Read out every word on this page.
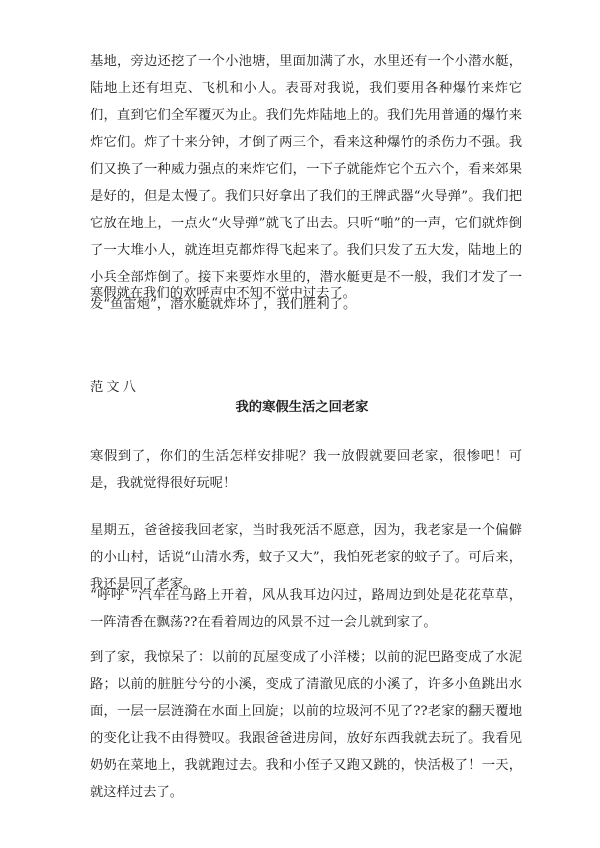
基地，旁边还挖了一个小池塘，里面加满了水，水里还有一个小潜水艇，陆地上还有坦克、飞机和小人。表哥对我说，我们要用各种爆竹来炸它们，直到它们全军覆灭为止。我们先炸陆地上的。我们先用普通的爆竹来炸它们。炸了十来分钟，才倒了两三个，看来这种爆竹的杀伤力不强。我们又换了一种威力强点的来炸它们，一下子就能炸它个五六个，看来郊果是好的，但是太慢了。我们只好拿出了我们的王牌武器“火导弹”。我们把它放在地上，一点火“火导弹”就飞了出去。只听“啪”的一声，它们就炸倒了一大堆小人，就连坦克都炸得飞起来了。我们只发了五大发，陆地上的小兵全部炸倒了。接下来要炸水里的，潜水艇更是不一般，我们才发了一发“鱼雷炮”，潜水艇就炸坏了，我们胜利了。

寒假就在我们的欢呼声中不知不觉中过去了。

范文八

我的寒假生活之回老家

寒假到了，你们的生活怎样安排呢？我一放假就要回老家，很惨吧！可是，我就觉得很好玩呢！

星期五，爸爸接我回老家，当时我死活不愿意，因为，我老家是一个偏僻的小山村，话说“山清水秀，蚊子又大”，我怕死老家的蚊子了。可后来，我还是回了老家。

“呼呼`”汽车在马路上开着，风从我耳边闪过，路周边到处是花花草草，一阵清香在飘荡??在看着周边的风景不过一会儿就到家了。

到了家，我惊呆了：以前的瓦屋变成了小洋楼；以前的泥巴路变成了水泥路；以前的脏脏兮兮的小溪，变成了清澈见底的小溪了，许多小鱼跳出水面，一层一层涟漪在水面上回旋；以前的垃圾河不见了??老家的翻天覆地的变化让我不由得赞叹。我跟爸爸进房间，放好东西我就去玩了。我看见奶奶在菜地上，我就跑过去。我和小侄子又跑又跳的，快活极了！一天，就这样过去了。
